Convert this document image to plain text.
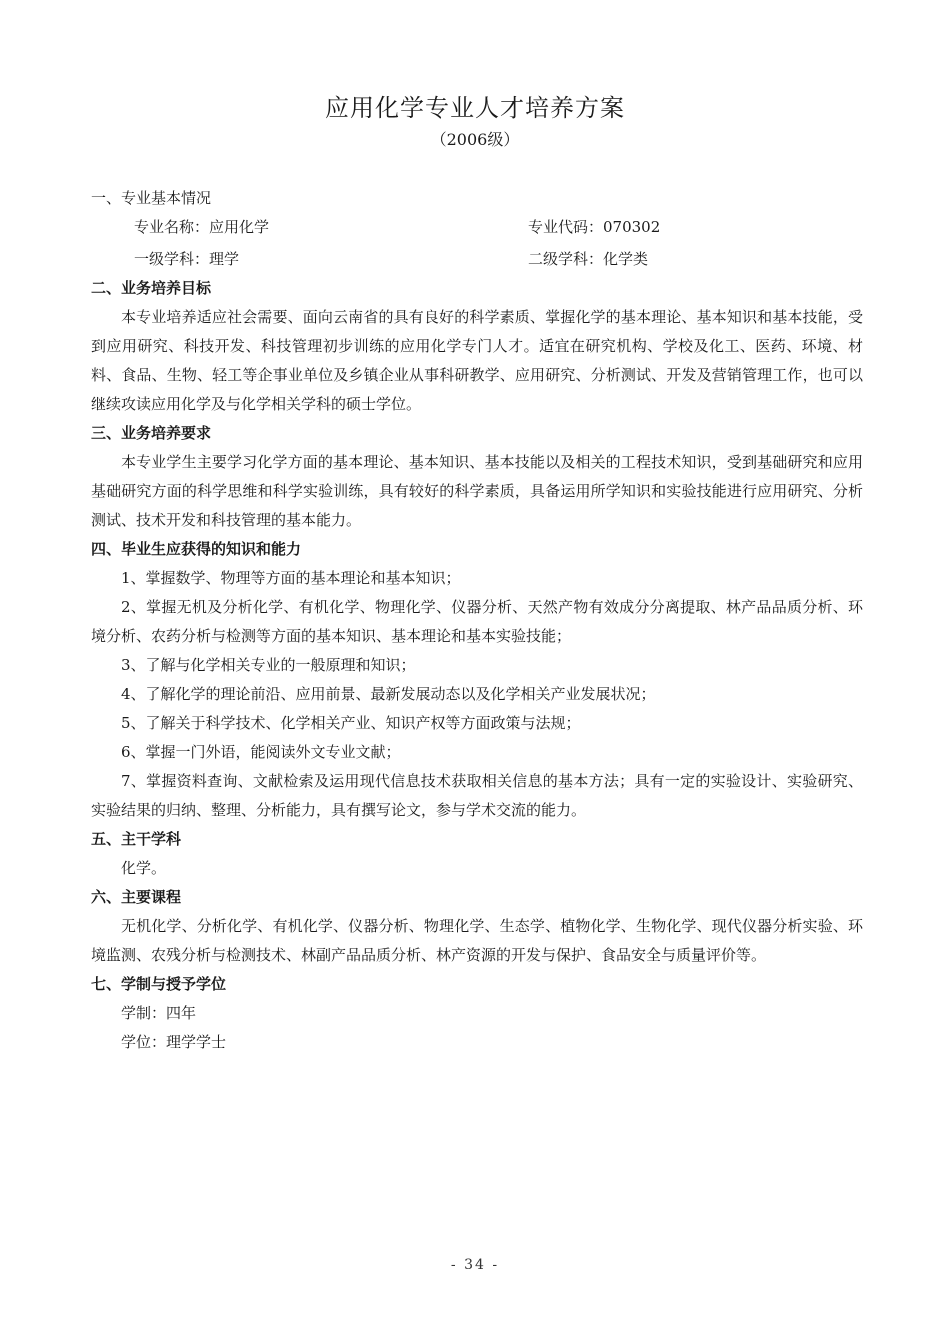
应用化学专业人才培养方案
（2006级）
一、专业基本情况
专业名称：应用化学	专业代码：070302
一级学科：理学	二级学科：化学类
二、业务培养目标
本专业培养适应社会需要、面向云南省的具有良好的科学素质、掌握化学的基本理论、基本知识和基本技能，受到应用研究、科技开发、科技管理初步训练的应用化学专门人才。适宜在研究机构、学校及化工、医药、环境、材料、食品、生物、轻工等企事业单位及乡镇企业从事科研教学、应用研究、分析测试、开发及营销管理工作，也可以继续攻读应用化学及与化学相关学科的硕士学位。
三、业务培养要求
本专业学生主要学习化学方面的基本理论、基本知识、基本技能以及相关的工程技术知识，受到基础研究和应用基础研究方面的科学思维和科学实验训练，具有较好的科学素质，具备运用所学知识和实验技能进行应用研究、分析测试、技术开发和科技管理的基本能力。
四、毕业生应获得的知识和能力
1、掌握数学、物理等方面的基本理论和基本知识；
2、掌握无机及分析化学、有机化学、物理化学、仪器分析、天然产物有效成分分离提取、林产品品质分析、环境分析、农药分析与检测等方面的基本知识、基本理论和基本实验技能；
3、了解与化学相关专业的一般原理和知识；
4、了解化学的理论前沿、应用前景、最新发展动态以及化学相关产业发展状况；
5、了解关于科学技术、化学相关产业、知识产权等方面政策与法规；
6、掌握一门外语，能阅读外文专业文献；
7、掌握资料查询、文献检索及运用现代信息技术获取相关信息的基本方法；具有一定的实验设计、实验研究、实验结果的归纳、整理、分析能力，具有撰写论文，参与学术交流的能力。
五、主干学科
化学。
六、主要课程
无机化学、分析化学、有机化学、仪器分析、物理化学、生态学、植物化学、生物化学、现代仪器分析实验、环境监测、农残分析与检测技术、林副产品品质分析、林产资源的开发与保护、食品安全与质量评价等。
七、学制与授予学位
学制：四年
学位：理学学士
- 34 -
